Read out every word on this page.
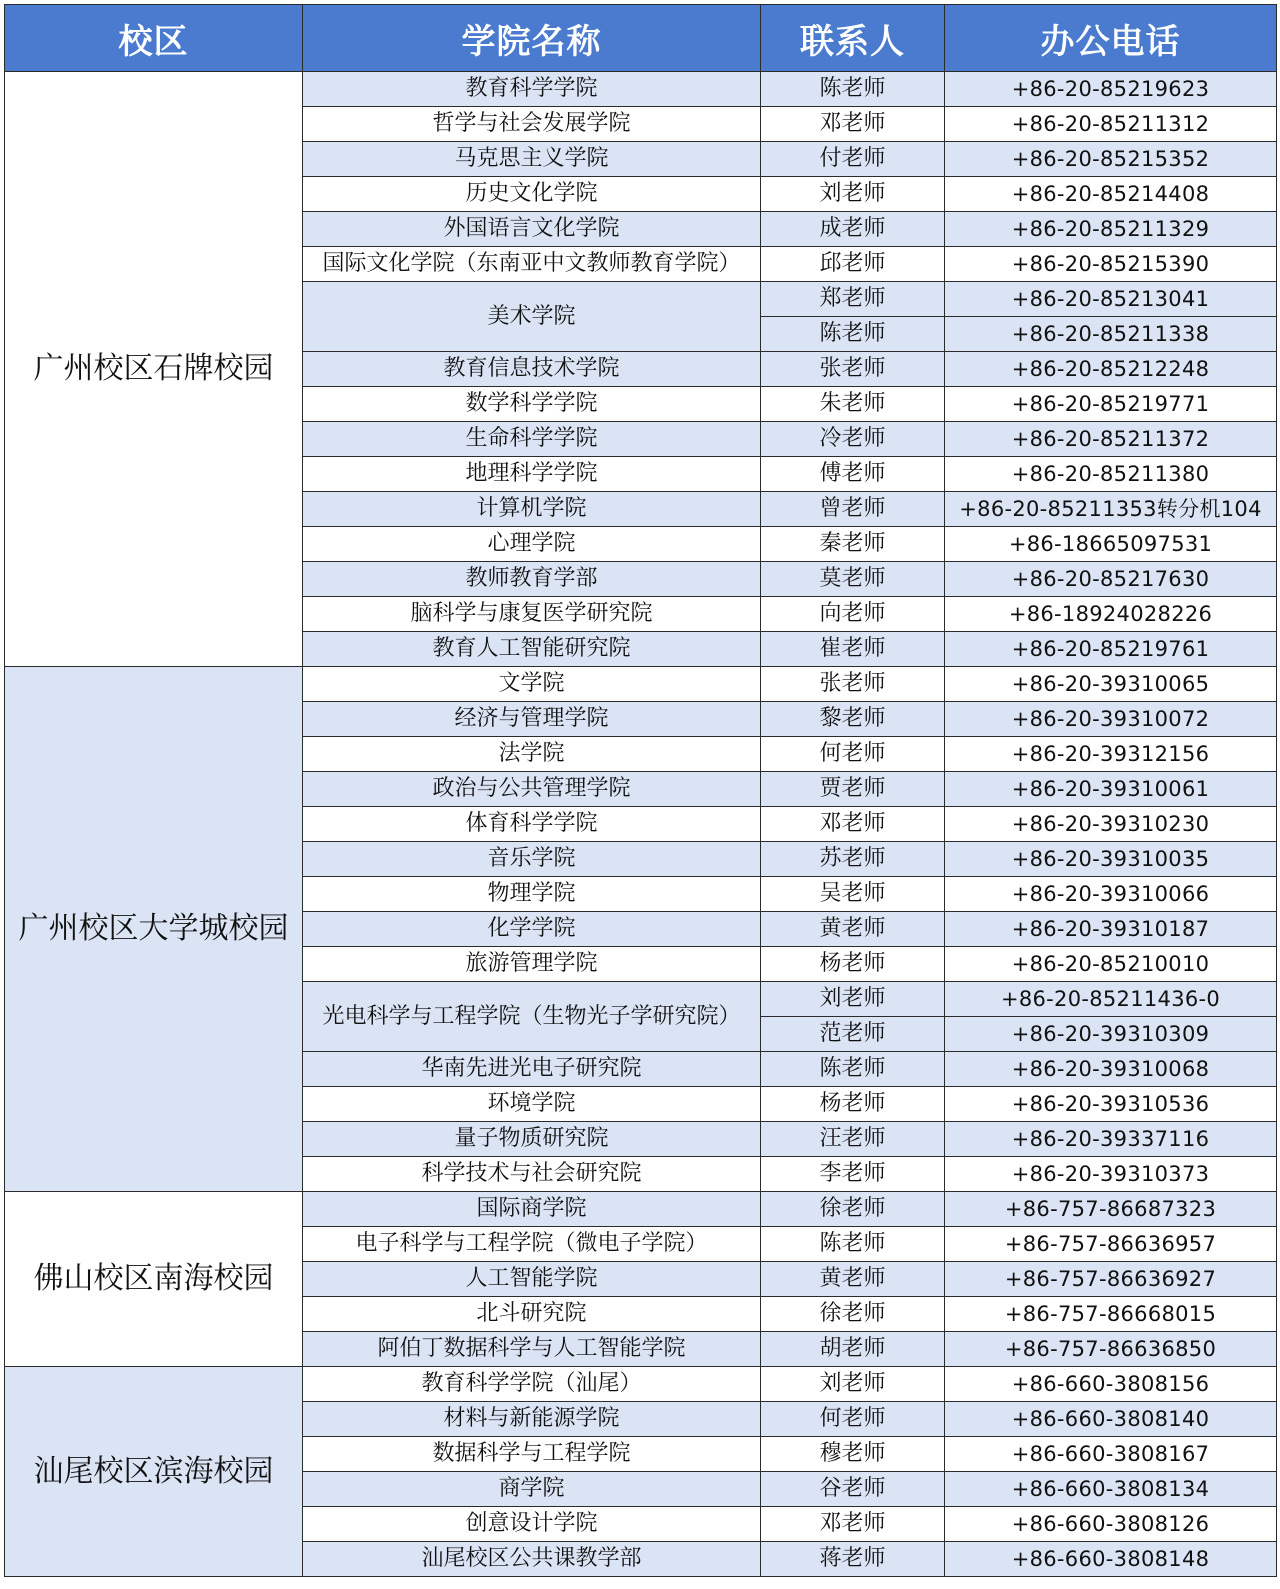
校区	学院名称	联系人	办公电话
广州校区石牌校园	教育科学学院	陈老师	+86-20-85219623
	哲学与社会发展学院	邓老师	+86-20-85211312
	马克思主义学院	付老师	+86-20-85215352
	历史文化学院	刘老师	+86-20-85214408
	外国语言文化学院	成老师	+86-20-85211329
	国际文化学院（东南亚中文教师教育学院）	邱老师	+86-20-85215390
	美术学院	郑老师	+86-20-85213041
		陈老师	+86-20-85211338
	教育信息技术学院	张老师	+86-20-85212248
	数学科学学院	朱老师	+86-20-85219771
	生命科学学院	冷老师	+86-20-85211372
	地理科学学院	傅老师	+86-20-85211380
	计算机学院	曾老师	+86-20-85211353转分机104
	心理学院	秦老师	+86-18665097531
	教师教育学部	莫老师	+86-20-85217630
	脑科学与康复医学研究院	向老师	+86-18924028226
	教育人工智能研究院	崔老师	+86-20-85219761
广州校区大学城校园	文学院	张老师	+86-20-39310065
	经济与管理学院	黎老师	+86-20-39310072
	法学院	何老师	+86-20-39312156
	政治与公共管理学院	贾老师	+86-20-39310061
	体育科学学院	邓老师	+86-20-39310230
	音乐学院	苏老师	+86-20-39310035
	物理学院	吴老师	+86-20-39310066
	化学学院	黄老师	+86-20-39310187
	旅游管理学院	杨老师	+86-20-85210010
	光电科学与工程学院（生物光子学研究院）	刘老师	+86-20-85211436-0
		范老师	+86-20-39310309
	华南先进光电子研究院	陈老师	+86-20-39310068
	环境学院	杨老师	+86-20-39310536
	量子物质研究院	汪老师	+86-20-39337116
	科学技术与社会研究院	李老师	+86-20-39310373
佛山校区南海校园	国际商学院	徐老师	+86-757-86687323
	电子科学与工程学院（微电子学院）	陈老师	+86-757-86636957
	人工智能学院	黄老师	+86-757-86636927
	北斗研究院	徐老师	+86-757-86668015
	阿伯丁数据科学与人工智能学院	胡老师	+86-757-86636850
汕尾校区滨海校园	教育科学学院（汕尾）	刘老师	+86-660-3808156
	材料与新能源学院	何老师	+86-660-3808140
	数据科学与工程学院	穆老师	+86-660-3808167
	商学院	谷老师	+86-660-3808134
	创意设计学院	邓老师	+86-660-3808126
	汕尾校区公共课教学部	蒋老师	+86-660-3808148
